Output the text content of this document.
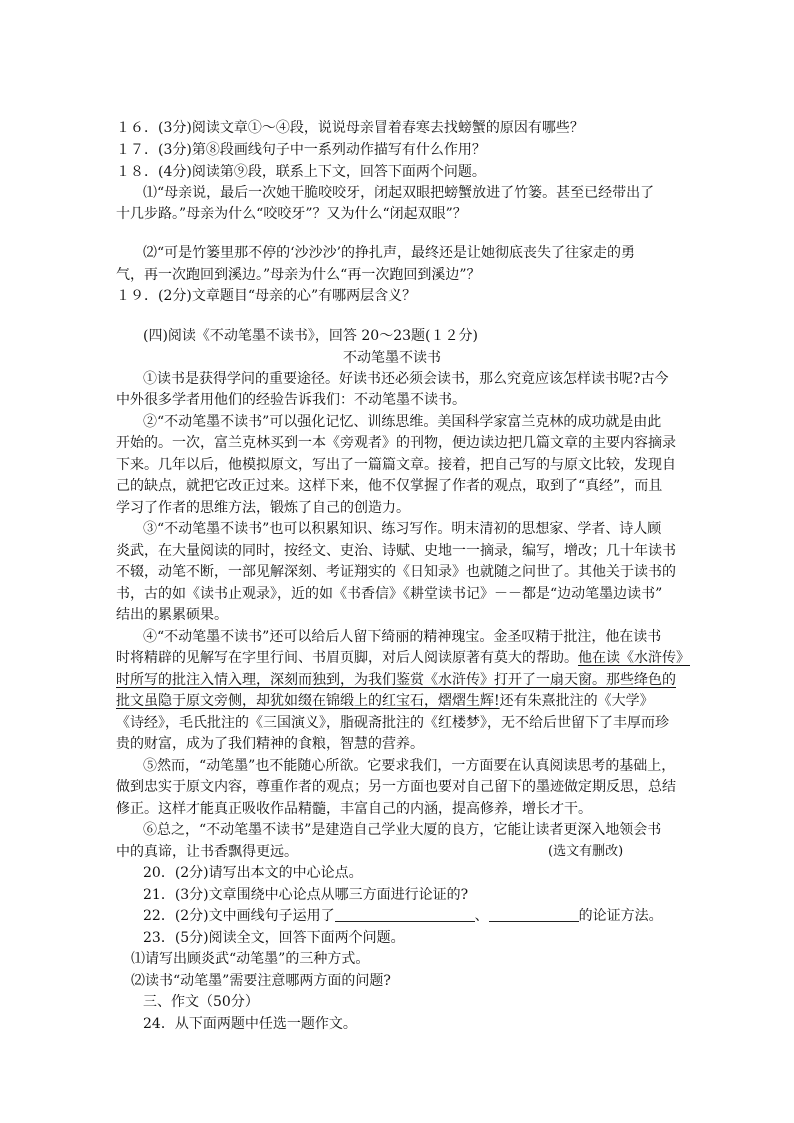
１６．(3分)阅读文章①～④段，说说母亲冒着春寒去找螃蟹的原因有哪些？
１７．(3分)第⑧段画线句子中一系列动作描写有什么作用？
１８．(4分)阅读第⑨段，联系上下文，回答下面两个问题。
⑴“母亲说，最后一次她干脆咬咬牙，闭起双眼把螃蟹放进了竹篓。甚至已经带出了
十几步路。”母亲为什么“咬咬牙”？又为什么“闭起双眼”？
⑵“可是竹篓里那不停的‘沙沙沙’的挣扎声，最终还是让她彻底丧失了往家走的勇
气，再一次跑回到溪边。”母亲为什么“再一次跑回到溪边”？
１９．(2分)文章题目“母亲的心”有哪两层含义？
(四)阅读《不动笔墨不读书》，回答 20～23题(１２分)
不动笔墨不读书
①读书是获得学问的重要途径。好读书还必须会读书，那么究竟应该怎样读书呢?古今
中外很多学者用他们的经验告诉我们：不动笔墨不读书。
②“不动笔墨不读书”可以强化记忆、训练思维。美国科学家富兰克林的成功就是由此
开始的。一次，富兰克林买到一本《旁观者》的刊物，便边读边把几篇文章的主要内容摘录
下来。几年以后，他模拟原文，写出了一篇篇文章。接着，把自己写的与原文比较，发现自
己的缺点，就把它改正过来。这样下来，他不仅掌握了作者的观点，取到了“真经”，而且
学习了作者的思维方法，锻炼了自己的创造力。
③“不动笔墨不读书”也可以积累知识、练习写作。明末清初的思想家、学者、诗人顾
炎武，在大量阅读的同时，按经文、吏治、诗赋、史地一一摘录，编写，增改；几十年读书
不辍，动笔不断，一部见解深刻、考证翔实的《日知录》也就随之问世了。其他关于读书的
书，古的如《读书止观录》，近的如《书香信》《耕堂读书记》－－都是“边动笔墨边读书”
结出的累累硕果。
④“不动笔墨不读书”还可以给后人留下绮丽的精神瑰宝。金圣叹精于批注，他在读书
时将精辟的见解写在字里行间、书眉页脚，对后人阅读原著有莫大的帮助。他在读《水浒传》
时所写的批注入情入理，深刻而独到，为我们鉴赏《水浒传》打开了一扇天窗。那些绛色的
批文虽隐于原文旁侧，却犹如缀在锦缎上的红宝石，熠熠生辉!还有朱熹批注的《大学》
《诗经》，毛氏批注的《三国演义》，脂砚斋批注的《红楼梦》，无不给后世留下了丰厚而珍
贵的财富，成为了我们精神的食粮，智慧的营养。
⑤然而，“动笔墨”也不能随心所欲。它要求我们，一方面要在认真阅读思考的基础上，
做到忠实于原文内容，尊重作者的观点；另一方面也要对自己留下的墨迹做定期反思，总结
修正。这样才能真正吸收作品精髓，丰富自己的内涵，提高修养，增长才干。
⑥总之，“不动笔墨不读书”是建造自己学业大厦的良方，它能让读者更深入地领会书
中的真谛，让书香飘得更远。	(选文有删改)
20．(2分)请写出本文的中心论点。
21．(3分)文章围绕中心论点从哪三方面进行论证的?
22．(2分)文中画线句子运用了	、	的论证方法。
23．(5分)阅读全文，回答下面两个问题。
⑴请写出顾炎武“动笔墨”的三种方式。
⑵读书“动笔墨”需要注意哪两方面的问题?
三、作文（50分）
24．从下面两题中任选一题作文。
